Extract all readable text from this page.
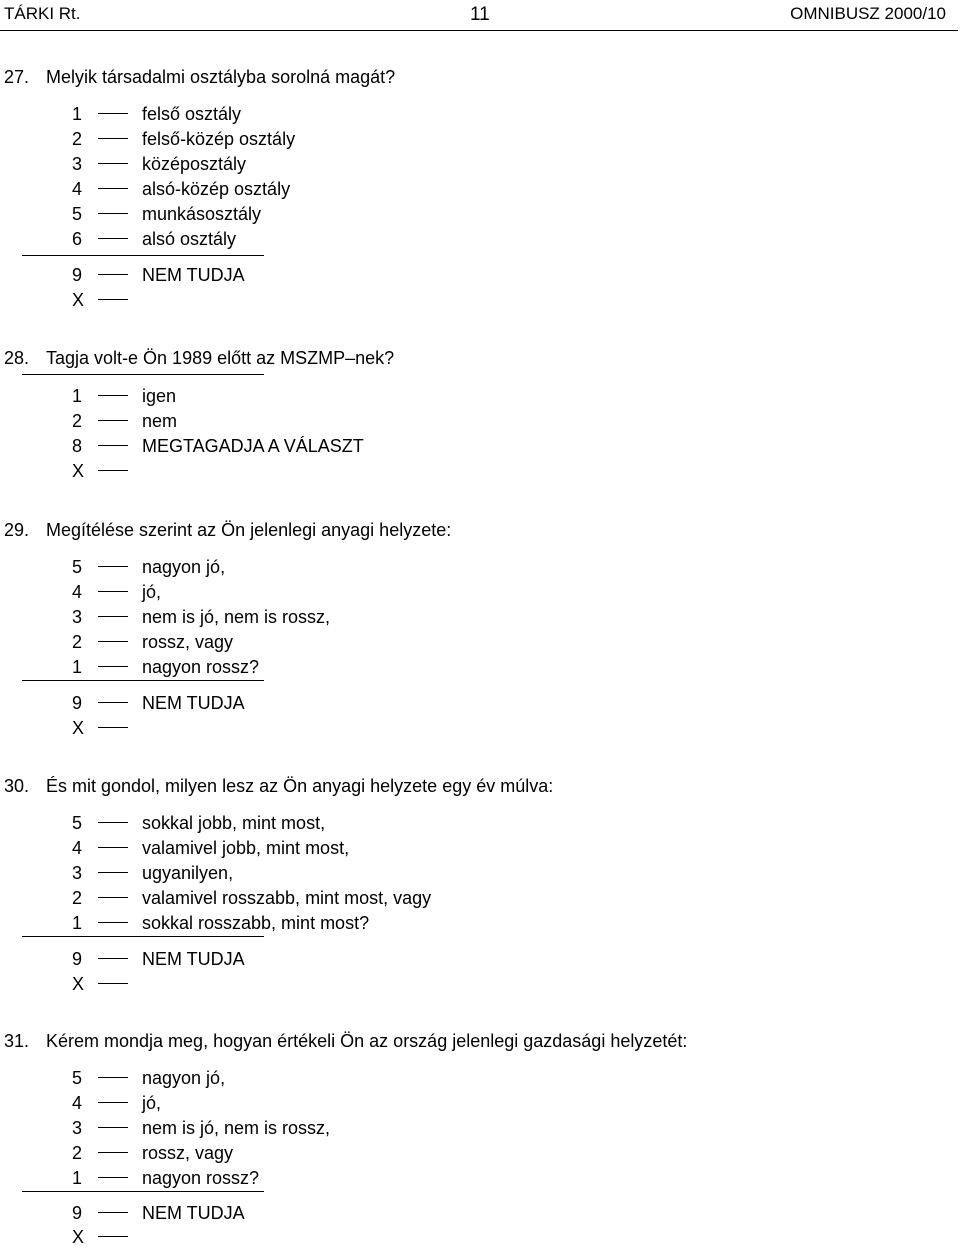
TÁRKI Rt.	11	OMNIBUSZ 2000/10
27. Melyik társadalmi osztályba sorolná magát?
1	felső osztály
2	felső-közép osztály
3	középosztály
4	alsó-közép osztály
5	munkásosztály
6	alsó osztály
9	NEM TUDJA
X
28. Tagja volt-e Ön 1989 előtt az MSZMP–nek?
1	igen
2	nem
8	MEGTAGADJA A VÁLASZT
X
29. Megítélése szerint az Ön jelenlegi anyagi helyzete:
5	nagyon jó,
4	jó,
3	nem is jó, nem is rossz,
2	rossz, vagy
1	nagyon rossz?
9	NEM TUDJA
X
30. És mit gondol, milyen lesz az Ön anyagi helyzete egy év múlva:
5	sokkal jobb, mint most,
4	valamivel jobb, mint most,
3	ugyanilyen,
2	valamivel rosszabb, mint most, vagy
1	sokkal rosszabb, mint most?
9	NEM TUDJA
X
31. Kérem mondja meg, hogyan értékeli Ön az ország jelenlegi gazdasági helyzetét:
5	nagyon jó,
4	jó,
3	nem is jó, nem is rossz,
2	rossz, vagy
1	nagyon rossz?
9	NEM TUDJA
X
